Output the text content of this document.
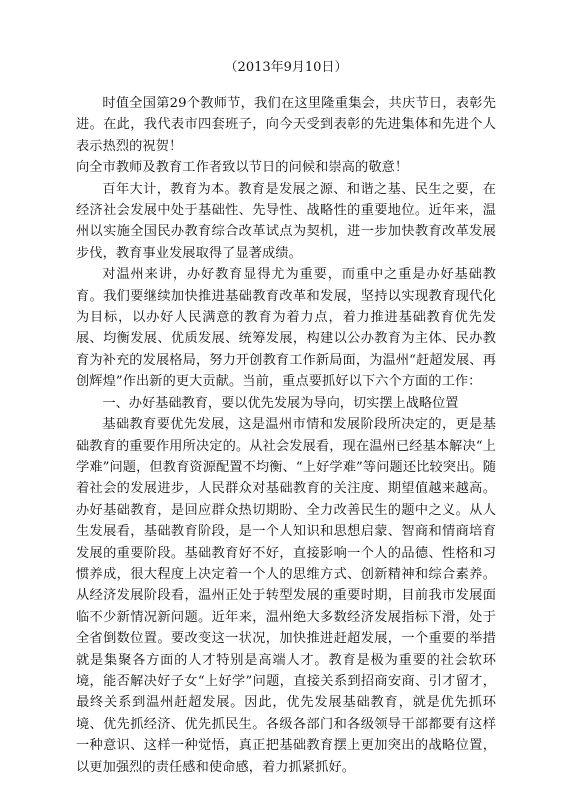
（2013年9月10日）

时值全国第29个教师节，我们在这里隆重集会，共庆节日，表彰先进。在此，我代表市四套班子，向今天受到表彰的先进集体和先进个人表示热烈的祝贺！

向全市教师及教育工作者致以节日的问候和崇高的敬意！

百年大计，教育为本。教育是发展之源、和谐之基、民生之要，在经济社会发展中处于基础性、先导性、战略性的重要地位。近年来，温州以实施全国民办教育综合改革试点为契机，进一步加快教育改革发展步伐，教育事业发展取得了显著成绩。

对温州来讲，办好教育显得尤为重要，而重中之重是办好基础教育。我们要继续加快推进基础教育改革和发展，坚持以实现教育现代化为目标，以办好人民满意的教育为着力点，着力推进基础教育优先发展、均衡发展、优质发展、统筹发展，构建以公办教育为主体、民办教育为补充的发展格局，努力开创教育工作新局面，为温州“赶超发展、再创辉煌”作出新的更大贡献。当前，重点要抓好以下六个方面的工作：

一、办好基础教育，要以优先发展为导向，切实摆上战略位置

基础教育要优先发展，这是温州市情和发展阶段所决定的，更是基础教育的重要作用所决定的。从社会发展看，现在温州已经基本解决“上学难”问题，但教育资源配置不均衡、“上好学难”等问题还比较突出。随着社会的发展进步，人民群众对基础教育的关注度、期望值越来越高。办好基础教育，是回应群众热切期盼、全力改善民生的题中之义。从人生发展看，基础教育阶段，是一个人知识和思想启蒙、智商和情商培育发展的重要阶段。基础教育好不好，直接影响一个人的品德、性格和习惯养成，很大程度上决定着一个人的思维方式、创新精神和综合素养。从经济发展阶段看，温州正处于转型发展的重要时期，目前我市发展面临不少新情况新问题。近年来，温州绝大多数经济发展指标下滑，处于全省倒数位置。要改变这一状况，加快推进赶超发展，一个重要的举措就是集聚各方面的人才特别是高端人才。教育是极为重要的社会软环境，能否解决好子女“上好学”问题，直接关系到招商安商、引才留才，最终关系到温州赶超发展。因此，优先发展基础教育，就是优先抓环境、优先抓经济、优先抓民生。各级各部门和各级领导干部都要有这样一种意识、这样一种觉悟，真正把基础教育摆上更加突出的战略位置，以更加强烈的责任感和使命感，着力抓紧抓好。
